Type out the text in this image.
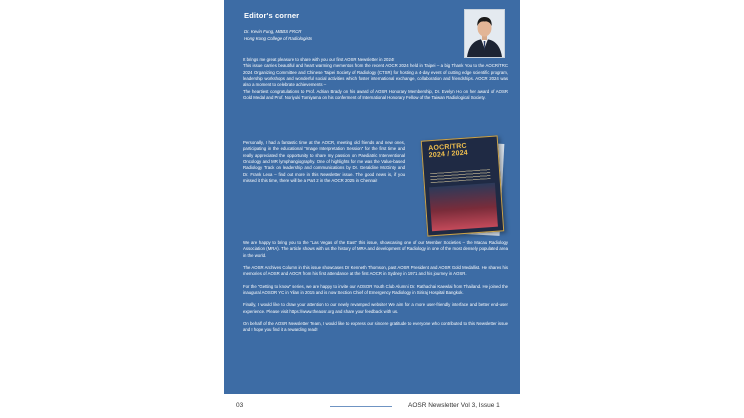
Editor's corner
Dr. Kevin Fung, MBBS FRCR
Hong Kong College of Radiologists

It brings me great pleasure to share with you our first AOSR Newsletter in 2024!

This issue carries beautiful and heart warming mementos from the recent AOCR 2024 held in Taipei – a big Thank You to the AOCR/TRC 2024 Organizing Committee and Chinese Taipei Society of Radiology (CTSR) for hosting a 4-day event of cutting edge scientific program, leadership workshops and wonderful social activities which foster international exchange, collaboration and friendships. AOCR 2024 was also a moment to celebrate achievements –

The heartiest congratulations to Prof. Adrian Brady on his award of AOSR Honorary Membership, Dr. Evelyn Ho on her award of AOSR Gold Medal and Prof. Noriyuki Tomiyama on his conferment of International Honorary Fellow of the Taiwan Radiological Society.

Personally, I had a fantastic time at the AOCR, meeting old friends and new ones, participating in the educational “Image Interpretation Session” for the first time and really appreciated the opportunity to share my passion on Paediatric Interventional Oncology and MR lymphangiography. One of highlights for me was the Value-based Radiology Track on leadership and communications by Dr. Geraldine McGinty and Dr. Frank Lexa – find out more in this Newsletter issue. The good news is, if you missed it this time, there will be a Part 2 in the AOCR 2025 in Chennai!

AOCR/TRC
2024 / 2024

We are happy to bring you to the “Las Vegas of the East” this issue, showcasing one of our Member Societies – the Macau Radiology Association (MRA). The article shows with us the history of MRA and development of Radiology in one of the most densely populated area in the world.

The AOSR Archives Column in this issue showcases Dr Kenneth Thomson, past AOSR President and AOSR Gold Medallist. He shares his memories of AOSR and AOCR from his first attendance at the first AOCR in Sydney in 1971 and his journey in AOSR.

For the “Getting to know” series, we are happy to invite our AOSOR Youth Club Alumni Dr. Rathachai Kaewlai from Thailand. He joined the inaugural AOSOR YC in Yilan in 2015 and is now Section Chief of Emergency Radiology in Siriraj Hospital Bangkok.

Finally, I would like to draw your attention to our newly revamped website! We aim for a more user-friendly interface and better end-user experience. Please visit https://www.theaosr.org and share your feedback with us.

On behalf of the AOSR Newsletter Team, I would like to express our sincere gratitude to everyone who contributed to this Newsletter issue and I hope you find it a rewarding read!

03	AOSR Newsletter Vol 3, Issue 1
